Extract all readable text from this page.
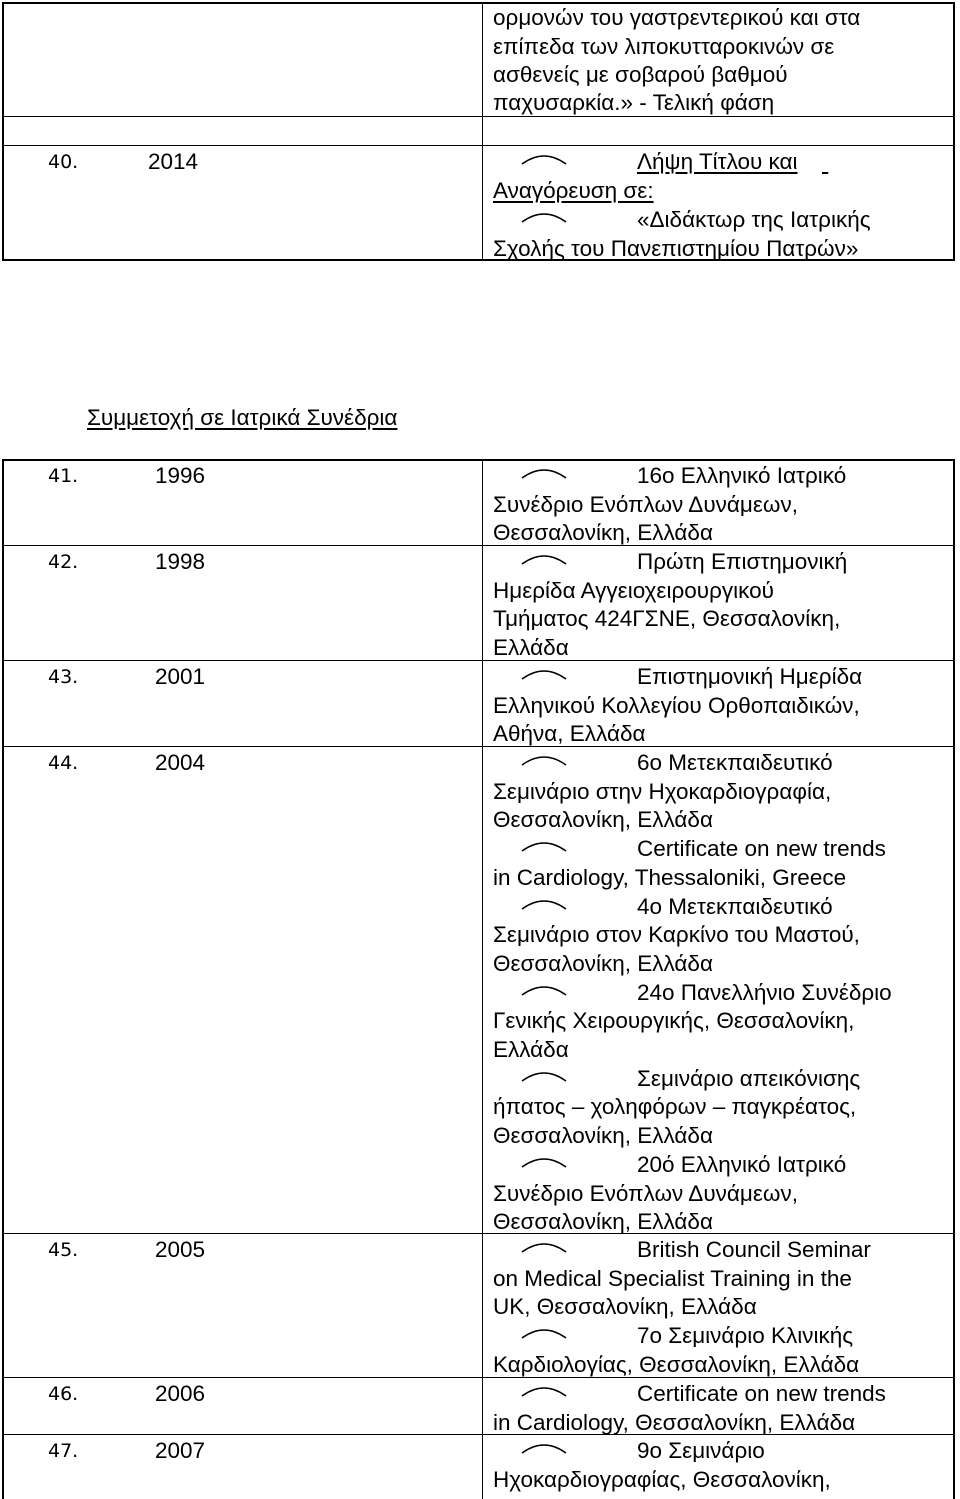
ορμονών του γαστρεντερικού και στα
επίπεδα των λιποκυτταροκινών σε
ασθενείς με σοβαρού βαθμού
παχυσαρκία.» - Τελική φάση
40.	2014	Λήψη Τίτλου και

Αναγόρευση σε:
«Διδάκτωρ της Ιατρικής
Σχολής του Πανεπιστημίου Πατρών»
Συμμετοχή σε Ιατρικά Συνέδρια
41.	1996	16ο Ελληνικό Ιατρικό
Συνέδριο Ενόπλων Δυνάμεων,
Θεσσαλονίκη, Ελλάδα
42.	1998	Πρώτη Επιστημονική
Ημερίδα Αγγειοχειρουργικού
Τμήματος 424ΓΣΝΕ, Θεσσαλονίκη,
Ελλάδα
43.	2001	Επιστημονική Ημερίδα
Ελληνικού Κολλεγίου Ορθοπαιδικών,
Αθήνα, Ελλάδα
44.	2004	6ο Μετεκπαιδευτικό
Σεμινάριο στην Ηχοκαρδιογραφία,
Θεσσαλονίκη, Ελλάδα
Certificate on new trends
in Cardiology, Thessaloniki, Greece
4ο Μετεκπαιδευτικό
Σεμινάριο στον Καρκίνο του Μαστού,
Θεσσαλονίκη, Ελλάδα
24ο Πανελλήνιο Συνέδριο
Γενικής Χειρουργικής, Θεσσαλονίκη,
Ελλάδα
Σεμινάριο απεικόνισης
ήπατος – χοληφόρων – παγκρέατος,
Θεσσαλονίκη, Ελλάδα
20ό Ελληνικό Ιατρικό
Συνέδριο Ενόπλων Δυνάμεων,
Θεσσαλονίκη, Ελλάδα
45.	2005	British Council Seminar
on Medical Specialist Training in the
UK, Θεσσαλονίκη, Ελλάδα
7ο Σεμινάριο Κλινικής
Καρδιολογίας, Θεσσαλονίκη, Ελλάδα
46.	2006	Certificate on new trends
in Cardiology, Θεσσαλονίκη, Ελλάδα
47.	2007	9ο Σεμινάριο
Ηχοκαρδιογραφίας, Θεσσαλονίκη,
